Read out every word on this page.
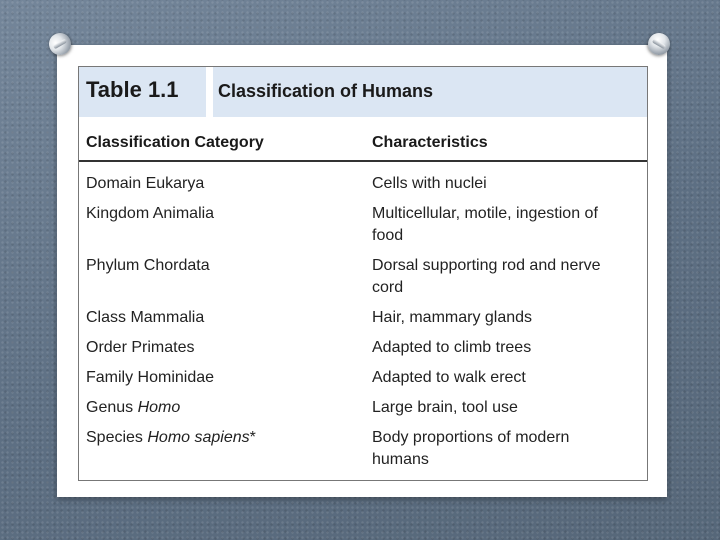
Table 1.1 Classification of Humans
Classification Category	Characteristics
Domain Eukarya	Cells with nuclei
Kingdom Animalia	Multicellular, motile, ingestion of food
Phylum Chordata	Dorsal supporting rod and nerve cord
Class Mammalia	Hair, mammary glands
Order Primates	Adapted to climb trees
Family Hominidae	Adapted to walk erect
Genus Homo	Large brain, tool use
Species Homo sapiens*	Body proportions of modern humans
